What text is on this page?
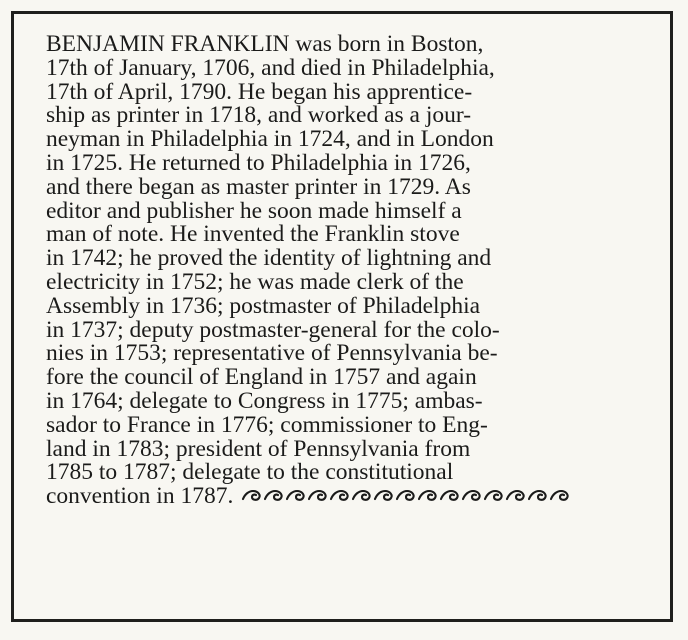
BENJAMIN FRANKLIN was born in Boston,
17th of January, 1706, and died in Philadelphia,
17th of April, 1790. He began his apprentice-
ship as printer in 1718, and worked as a jour-
neyman in Philadelphia in 1724, and in London
in 1725. He returned to Philadelphia in 1726,
and there began as master printer in 1729. As
editor and publisher he soon made himself a
man of note. He invented the Franklin stove
in 1742; he proved the identity of lightning and
electricity in 1752; he was made clerk of the
Assembly in 1736; postmaster of Philadelphia
in 1737; deputy postmaster-general for the colo-
nies in 1753; representative of Pennsylvania be-
fore the council of England in 1757 and again
in 1764; delegate to Congress in 1775; ambas-
sador to France in 1776; commissioner to Eng-
land in 1783; president of Pennsylvania from
1785 to 1787; delegate to the constitutional
convention in 1787.
